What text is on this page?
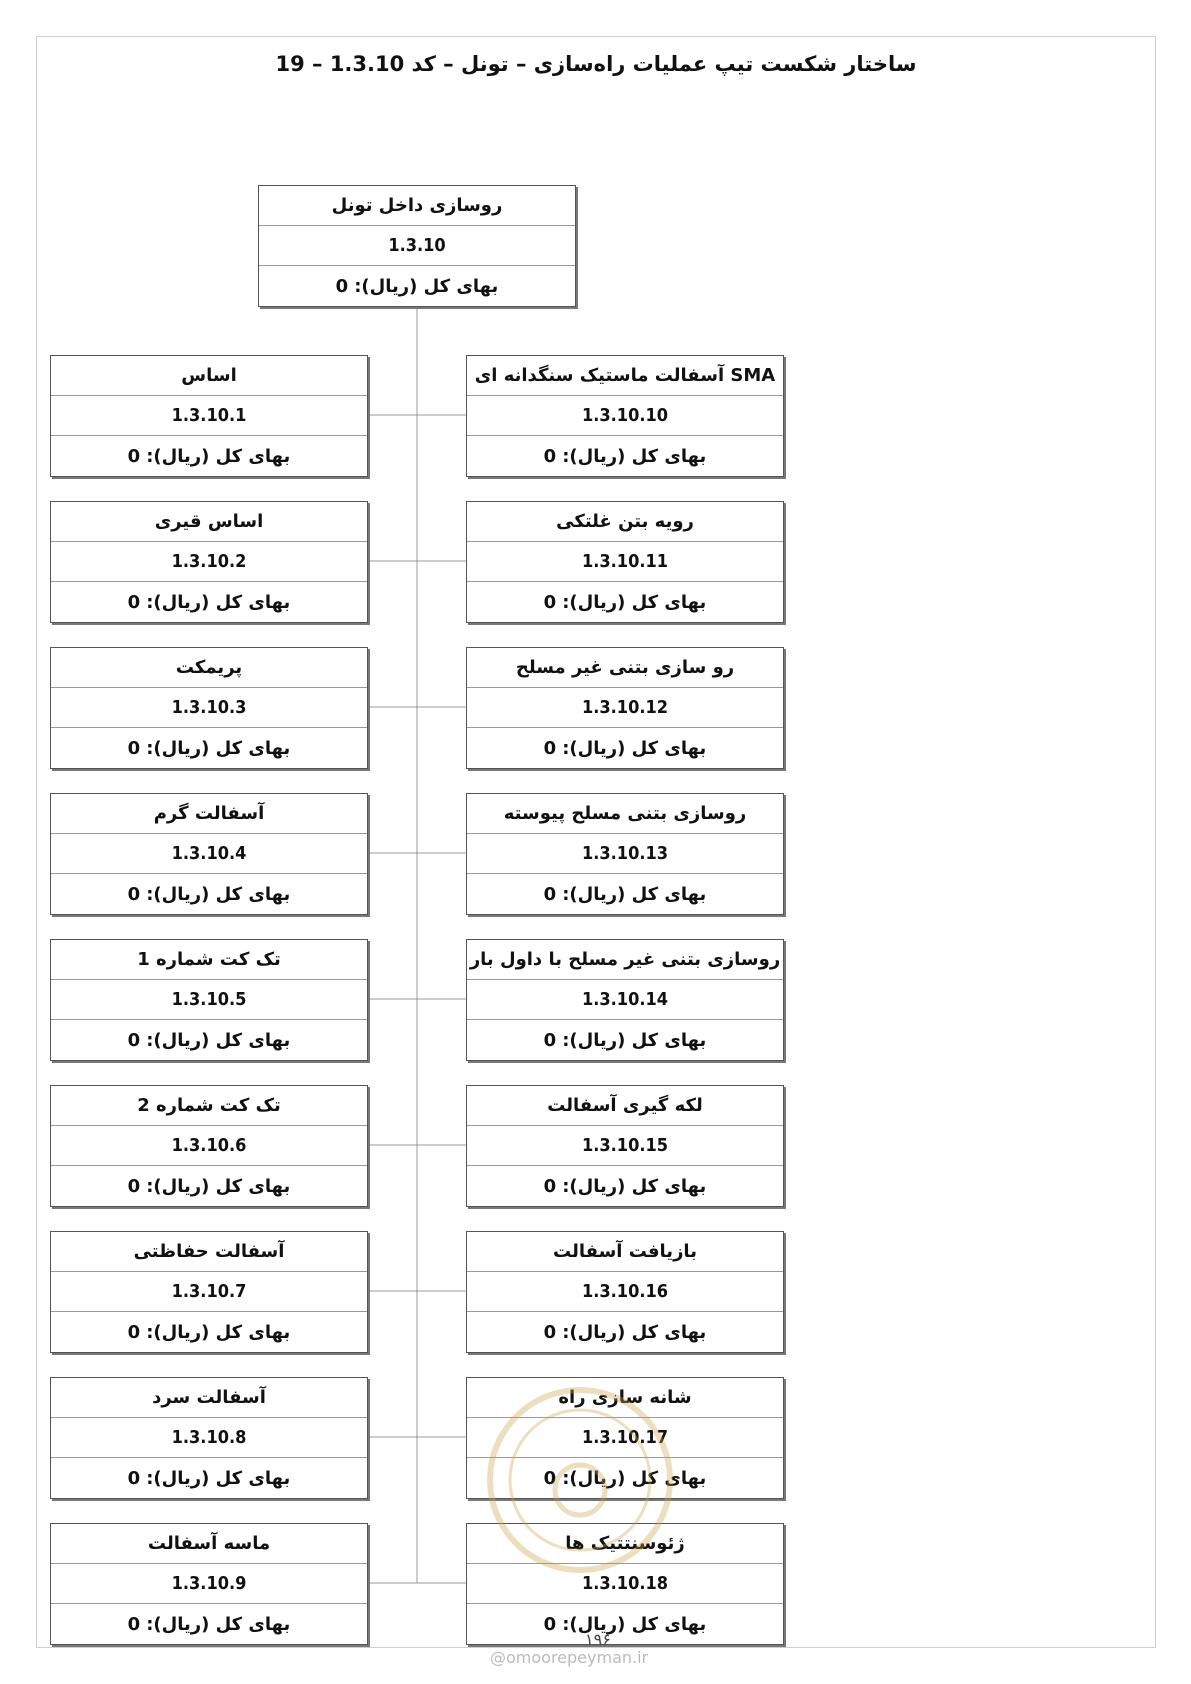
ساختار شکست تیپ عملیات راه‌سازی – تونل – کد 1.3.10 – 19
روسازی داخل تونل
1.3.10
بهای کل (ریال):
0
اساس
1.3.10.1
بهای کل (ریال):
0
اساس قیری
1.3.10.2
بهای کل (ریال):
0
پریمکت
1.3.10.3
بهای کل (ریال):
0
آسفالت گرم
1.3.10.4
بهای کل (ریال):
0
تک کت شماره 1
1.3.10.5
بهای کل (ریال):
0
تک کت شماره 2
1.3.10.6
بهای کل (ریال):
0
آسفالت حفاظتی
1.3.10.7
بهای کل (ریال):
0
آسفالت سرد
1.3.10.8
بهای کل (ریال):
0
ماسه آسفالت
1.3.10.9
بهای کل (ریال):
0
SMA آسفالت ماستیک سنگدانه ای
1.3.10.10
بهای کل (ریال):
0
رویه بتن غلتکی
1.3.10.11
بهای کل (ریال):
0
رو سازی بتنی غیر مسلح
1.3.10.12
بهای کل (ریال):
0
روسازی بتنی مسلح پیوسته
1.3.10.13
بهای کل (ریال):
0
روسازی بتنی غیر مسلح با داول بار
1.3.10.14
بهای کل (ریال):
0
لکه گیری آسفالت
1.3.10.15
بهای کل (ریال):
0
بازیافت آسفالت
1.3.10.16
بهای کل (ریال):
0
شانه سازی راه
1.3.10.17
بهای کل (ریال):
0
ژئوسنتتیک ها
1.3.10.18
بهای کل (ریال):
0
۱۹۶
@omoorepeyman.ir
